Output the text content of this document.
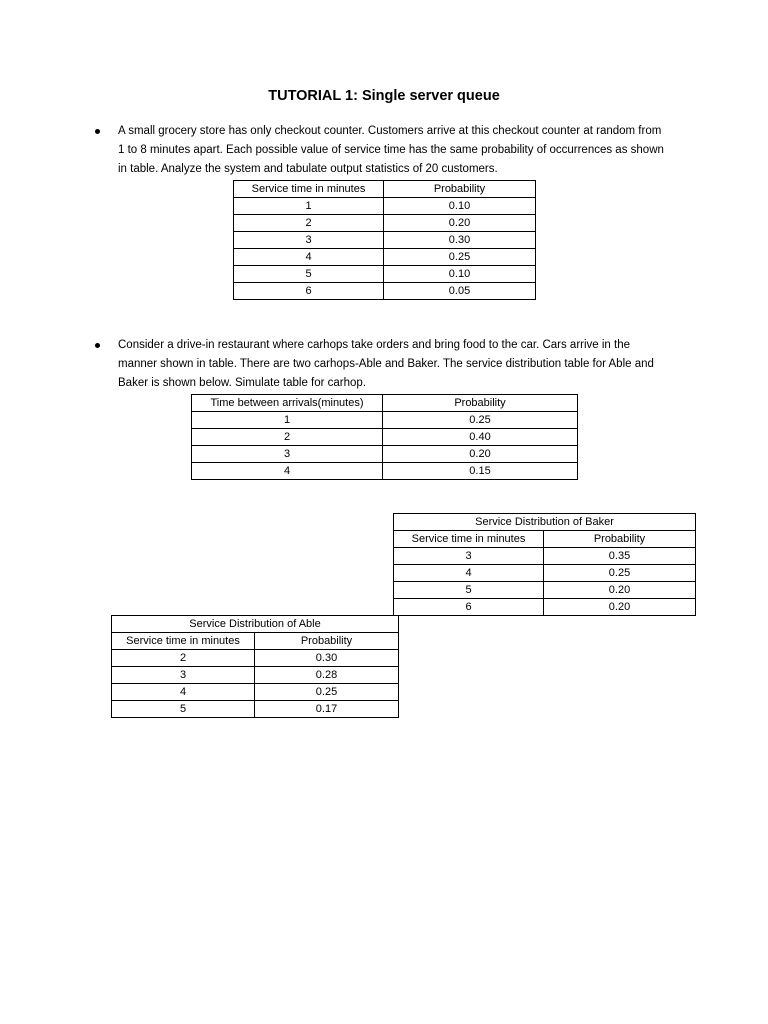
TUTORIAL 1: Single server queue
A small grocery store has only checkout counter. Customers arrive at this checkout counter at random from 1 to 8 minutes apart. Each possible value of service time has the same probability of occurrences as shown in table. Analyze the system and tabulate output statistics of 20 customers.
Service time in minutes	Probability
1	0.10
2	0.20
3	0.30
4	0.25
5	0.10
6	0.05
Consider a drive-in restaurant where carhops take orders and bring food to the car. Cars arrive in the manner shown in table. There are two carhops-Able and Baker. The service distribution table for Able and Baker is shown below. Simulate table for carhop.
Time between arrivals(minutes)	Probability
1	0.25
2	0.40
3	0.20
4	0.15
Service Distribution of Baker	
Service time in minutes	Probability
3	0.35
4	0.25
5	0.20
6	0.20
Service Distribution of Able	
Service time in minutes	Probability
2	0.30
3	0.28
4	0.25
5	0.17
